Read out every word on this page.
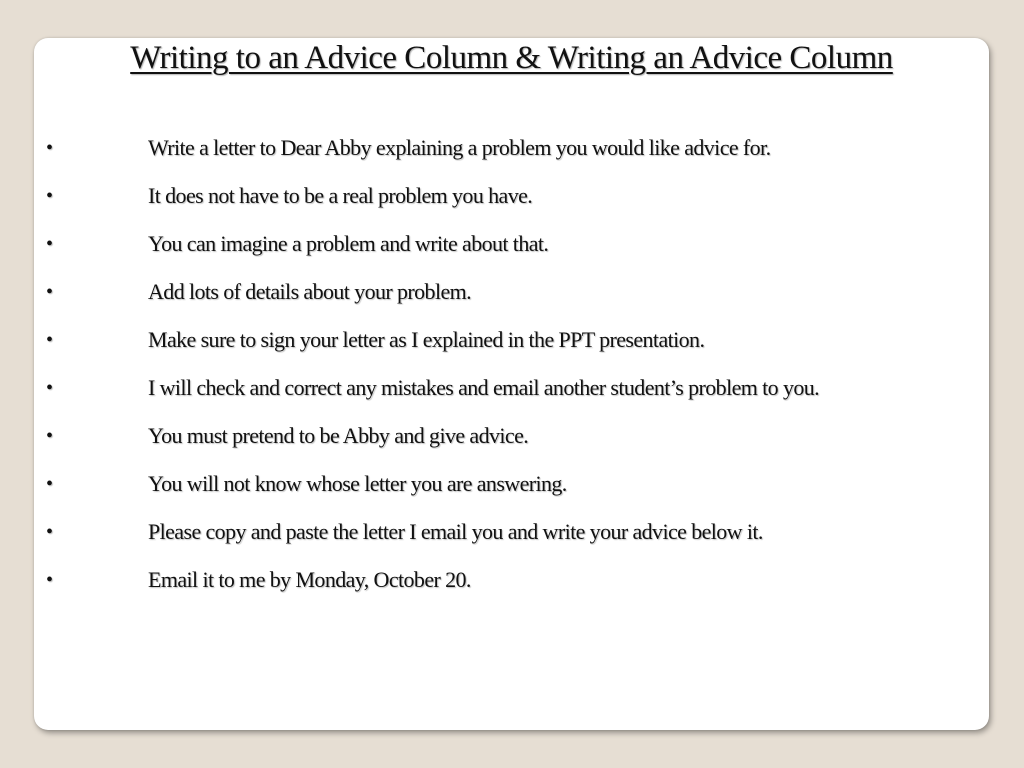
Writing to an Advice Column & Writing an Advice Column
•	Write a letter to Dear Abby explaining a problem you would like advice for.
•	It does not have to be a real problem you have.
•	You can imagine a problem and write about that.
•	Add lots of details about your problem.
•	Make sure to sign your letter as I explained in the PPT presentation.
•	I will check and correct any mistakes and email another student’s problem to you.
•	You must pretend to be Abby and give advice.
•	You will not know whose letter you are answering.
•	Please copy and paste the letter I email you and write your advice below it.
•	Email it to me by Monday, October 20.
